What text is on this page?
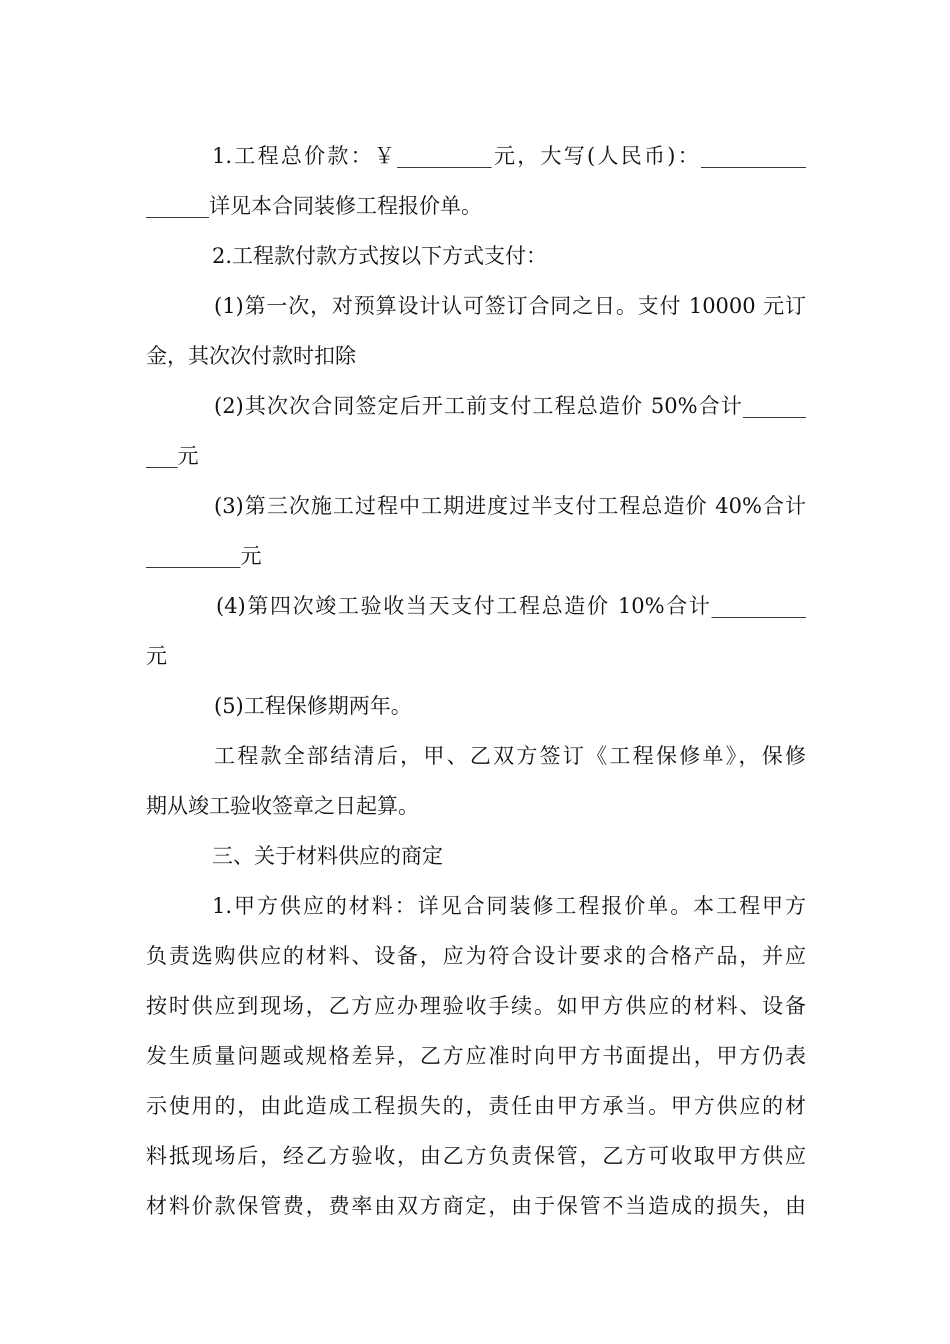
1.工程总价款：￥_________元，大写(人民币)：__________
______详见本合同装修工程报价单。
2.工程款付款方式按以下方式支付：
(1)第一次，对预算设计认可签订合同之日。支付 10000 元订
金，其次次付款时扣除
(2)其次次合同签定后开工前支付工程总造价 50%合计______
___元
(3)第三次施工过程中工期进度过半支付工程总造价 40%合计
_________元
(4)第四次竣工验收当天支付工程总造价 10%合计_________
元
(5)工程保修期两年。
工程款全部结清后，甲、乙双方签订《工程保修单》，保修
期从竣工验收签章之日起算。
三、关于材料供应的商定
1.甲方供应的材料：详见合同装修工程报价单。本工程甲方
负责选购供应的材料、设备，应为符合设计要求的合格产品，并应
按时供应到现场，乙方应办理验收手续。如甲方供应的材料、设备
发生质量问题或规格差异，乙方应准时向甲方书面提出，甲方仍表
示使用的，由此造成工程损失的，责任由甲方承当。甲方供应的材
料抵现场后，经乙方验收，由乙方负责保管，乙方可收取甲方供应
材料价款保管费，费率由双方商定，由于保管不当造成的损失，由
